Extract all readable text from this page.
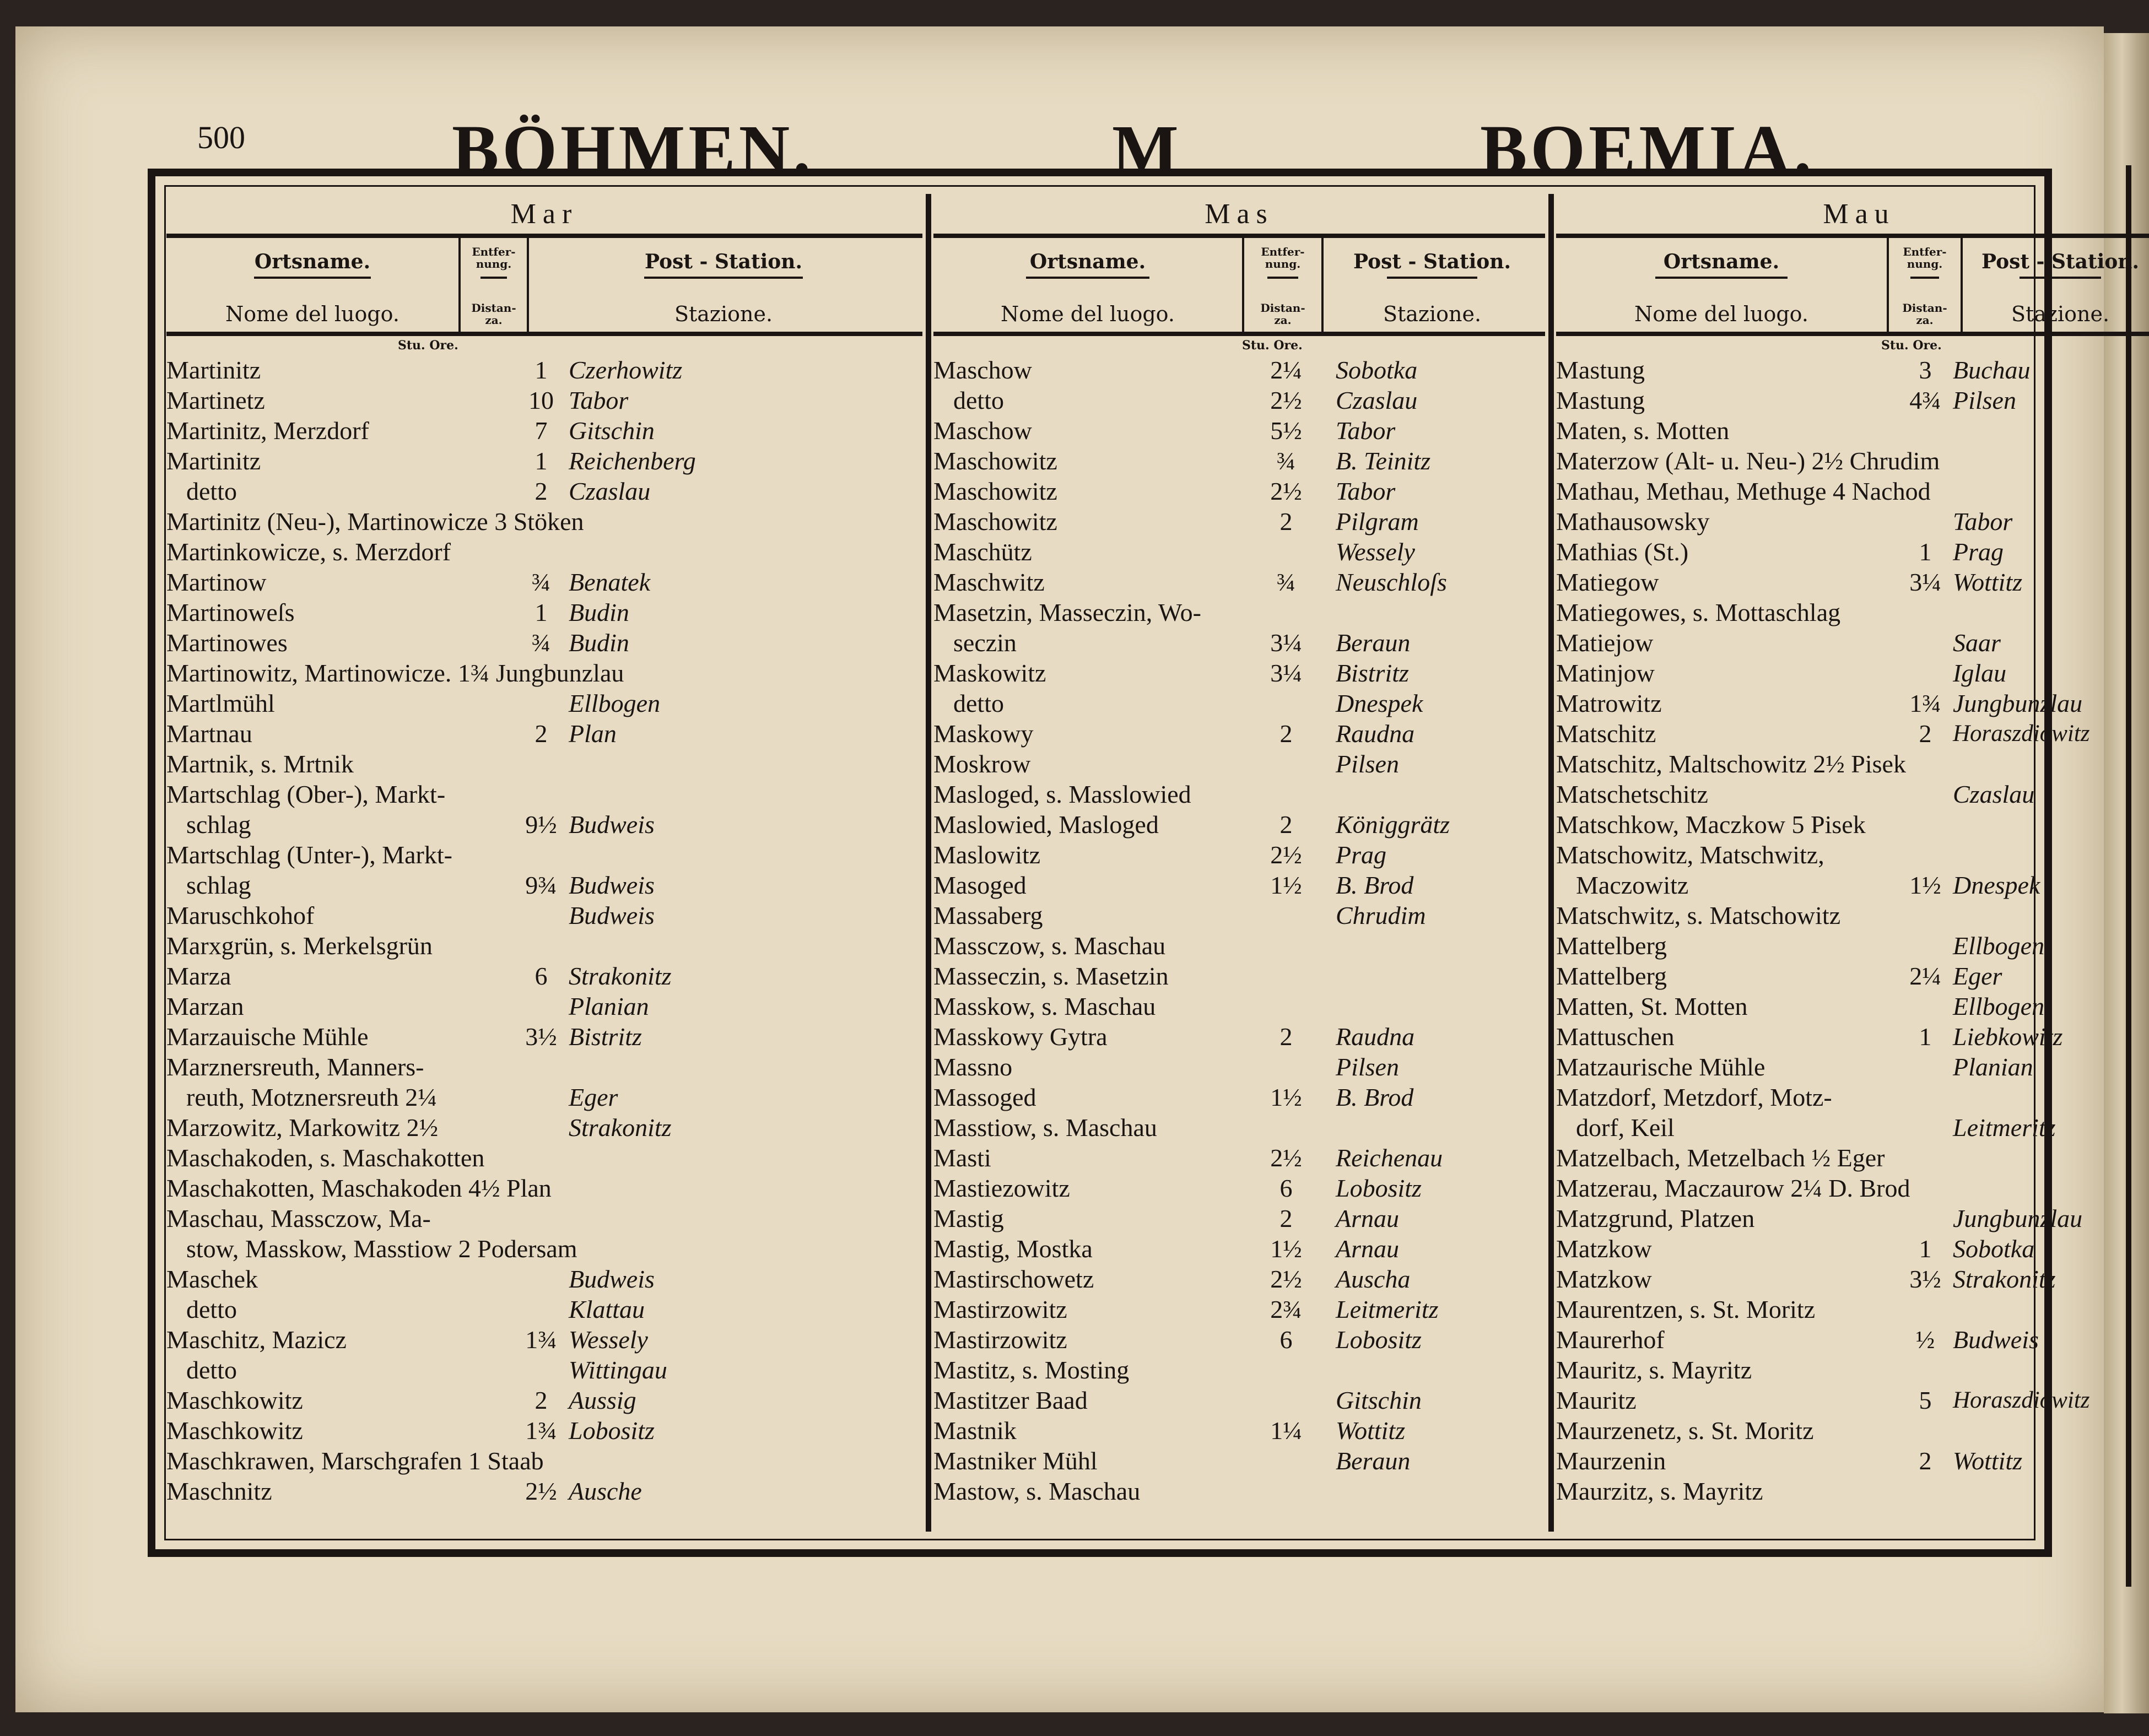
500	BÖHMEN.	M	BOEMIA.
Mar
Ortsname.
Nome del luogo.
Entfer-
nung.
Distan-
za.
Post - Station.
Stazione.
Stu. Ore.
Martinitz	1 Czerhowitz
Martinetz	10 Tabor
Martinitz, Merzdorf	7 Gitschin
Martinitz	1 Reichenberg
detto	2 Czaslau
Martinitz (Neu-), Martinowicze 3 Stöken
Martinkowicze, s. Merzdorf
Martinow	¾ Benatek
Martinoweſs	1 Budin
Martinowes	¾ Budin
Martinowitz, Martinowicze. 1¾ Jungbunzlau
Martlmühl	Ellbogen
Martnau	2 Plan
Martnik, s. Mrtnik
Martschlag (Ober-), Markt-
schlag	9½ Budweis
Martschlag (Unter-), Markt-
schlag	9¾ Budweis
Maruschkohof	Budweis
Marxgrün, s. Merkelsgrün
Marza	6 Strakonitz
Marzan	Planian
Marzauische Mühle	3½ Bistritz
Marznersreuth, Manners-
reuth, Motznersreuth 2¼	Eger
Marzowitz, Markowitz 2½	Strakonitz
Maschakoden, s. Maschakotten
Maschakotten, Maschakoden 4½ Plan
Maschau, Massczow, Ma-
stow, Masskow, Masstiow 2 Podersam
Maschek	Budweis
detto	Klattau
Maschitz, Mazicz	1¾ Wessely
detto	Wittingau
Maschkowitz	2 Aussig
Maschkowitz	1¾ Lobositz
Maschkrawen, Marschgrafen 1 Staab
Maschnitz	2½ Ausche
Mas
Ortsname.
Nome del luogo.
Entfer-
nung.
Distan-
za.
Post - Station.
Stazione.
Stu. Ore.
Maschow	2¼ Sobotka
detto	2½ Czaslau
Maschow	5½ Tabor
Maschowitz	¾	B. Teinitz
Maschowitz	2½ Tabor
Maschowitz	2	Pilgram
Maschütz	Wessely
Maschwitz	¾	Neuschloſs
Masetzin, Masseczin, Wo-
seczin	3¼ Beraun
Maskowitz	3¼ Bistritz
detto	Dnespek
Maskowy	2	Raudna
Moskrow	Pilsen
Masloged, s. Masslowied
Maslowied, Masloged	2	Königgrätz
Maslowitz	2½ Prag
Masoged	1½ B. Brod
Massaberg	Chrudim
Massczow, s. Maschau
Masseczin, s. Masetzin
Masskow, s. Maschau
Masskowy Gytra	2	Raudna
Massno	Pilsen
Massoged	1½ B. Brod
Masstiow, s. Maschau
Masti	2½ Reichenau
Mastiezowitz	6	Lobositz
Mastig	2	Arnau
Mastig, Mostka	1½ Arnau
Mastirschowetz	2½ Auscha
Mastirzowitz	2¾ Leitmeritz
Mastirzowitz	6	Lobositz
Mastitz, s. Mosting
Mastitzer Baad	Gitschin
Mastnik	1¼ Wottitz
Mastniker Mühl	Beraun
Mastow, s. Maschau
Mau
Ortsname.
Nome del luogo.
Entfer-
nung.
Distan-
za.
Post - Station.
Stazione.
Stu. Ore.
Mastung	3 Buchau
Mastung	4¾ Pilsen
Maten, s. Motten
Materzow (Alt- u. Neu-) 2½ Chrudim
Mathau, Methau, Methuge 4 Nachod
Mathausowsky	Tabor
Mathias (St.)	1 Prag
Matiegow	3¼ Wottitz
Matiegowes, s. Mottaschlag
Matiejow	Saar
Matinjow	Iglau
Matrowitz	1¾ Jungbunzlau
Matschitz	2 Horaszdiowitz
Matschitz, Maltschowitz 2½ Pisek
Matschetschitz	Czaslau
Matschkow, Maczkow 5 Pisek
Matschowitz, Matschwitz,
Maczowitz	1½ Dnespek
Matschwitz, s. Matschowitz
Mattelberg	Ellbogen
Mattelberg	2¼ Eger
Matten, St. Motten	Ellbogen
Mattuschen	1 Liebkowitz
Matzaurische Mühle	Planian
Matzdorf, Metzdorf, Motz-
dorf, Keil	Leitmeritz
Matzelbach, Metzelbach ½ Eger
Matzerau, Maczaurow 2¼ D. Brod
Matzgrund, Platzen	Jungbunzlau
Matzkow	1 Sobotka
Matzkow	3½ Strakonitz
Maurentzen, s. St. Moritz
Maurerhof	½ Budweis
Mauritz, s. Mayritz
Mauritz	5 Horaszdiowitz
Maurzenetz, s. St. Moritz
Maurzenin	2 Wottitz
Maurzitz, s. Mayritz
